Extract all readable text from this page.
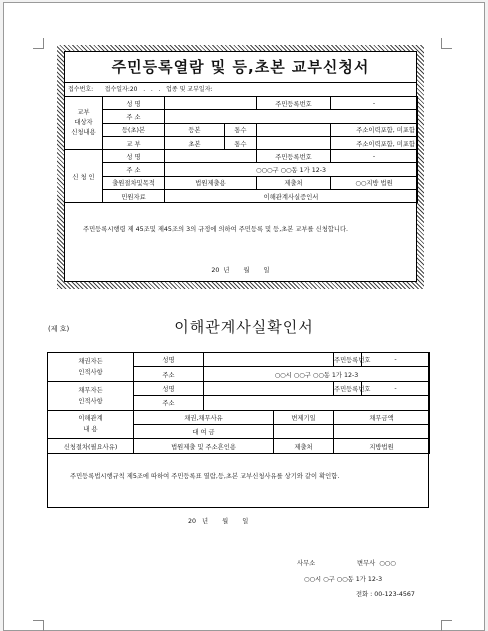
주민등록열람 및 등,초본 교부신청서
접수번호:      접수일자:20   .   .   .   업종 및 교부일자:
교부
대상자
신청내용	성 명			주민등록번호	-
	주 소				
	등(초)본	등본	통수		주소이력포함, 미포함
	교 부	초본	통수		주소이력포함, 미포함
신 청 인	성 명			주민등록번호	-
	주 소	○○○구 ○○동 1가 12-3			
	출원절차및목적	법원제출용		제출처	○○지방 법원
	민원자료	이해관계사실증인서			
주민등록시행령 제 45조및 제45조의 3의 규정에 의하여 주민등록 및 등,초본 교부를 신청합니다.
20  년       월       일
(제 호)	이해관계사실확인서
채권자든
인적사항	성명			주민등록번호	-
	주소	○○시 ○○구 ○○동 1가 12-3			

채무자든
인적사항	성명			주민등록번호	-
	주소				

이해관계
내 용	채권,채무사유		변제기일	채무금액	
	대 여 금				
신청절차(필요사유)	법원제출 및 주소흔인용		제출처	지방법원	
주민등록법시행규칙 제5조에 따하여 주민등록표 열람,등,초본 교부신청사유를 상기와 같이 확인함.
20   년       월       일
사무소	변무사  ○○○
○○시 ○구 ○○동 1가 12-3
전화 : 00-123-4567
